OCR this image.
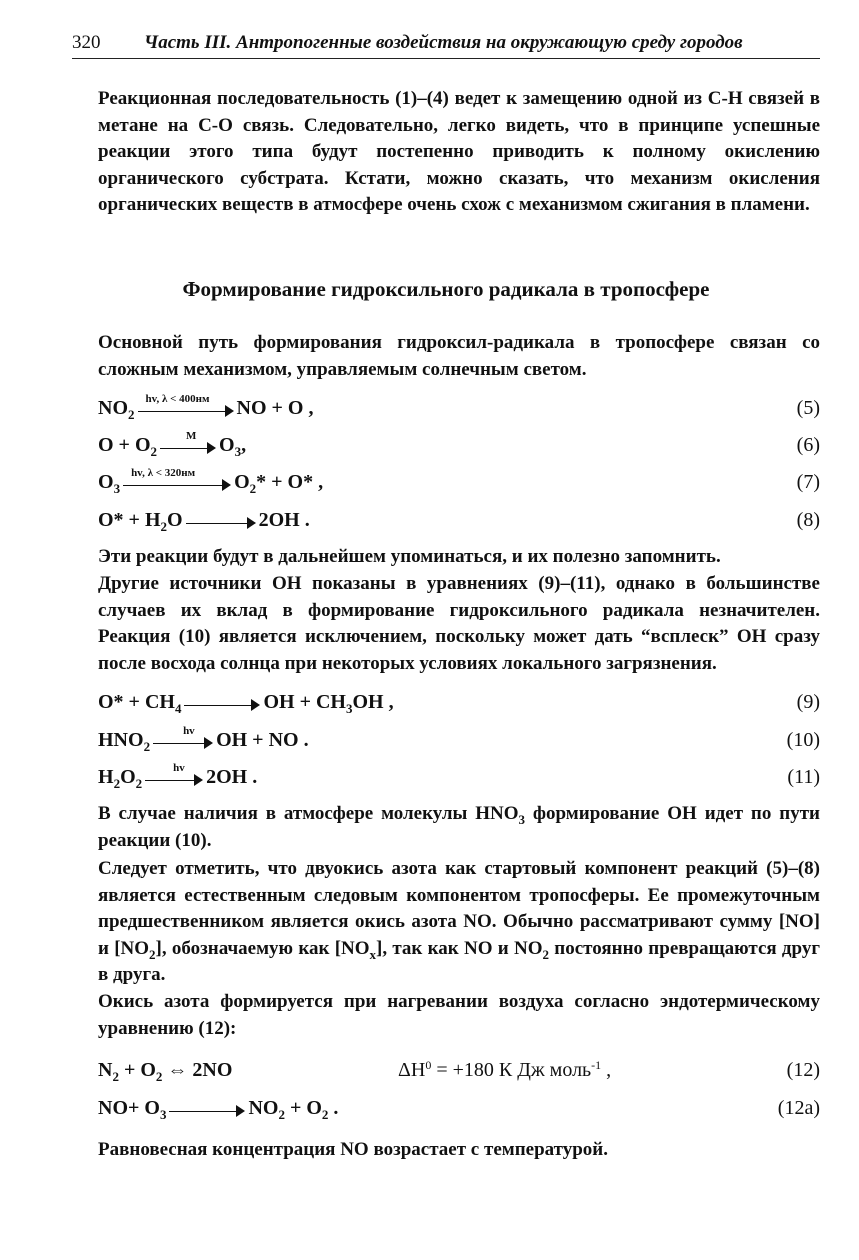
320 Часть III. Антропогенные воздействия на окружающую среду городов

Реакционная последовательность (1)–(4) ведет к замещению одной из C-H связей в метане на C-O связь. Следовательно, легко видеть, что в принципе успешные реакции этого типа будут постепенно приводить к полному окислению органического субстрата. Кстати, можно сказать, что механизм окисления органических веществ в атмосфере очень схож с механизмом сжигания в пламени.

Формирование гидроксильного радикала в тропосфере

Основной путь формирования гидроксил-радикала в тропосфере связан со сложным механизмом, управляемым солнечным светом.

$NO_2$
hv, λ < 400нм NO + O ,	(5)
$O + O_2$
M $O_3$,	(6)
$O_3$
hv, λ < 320нм $O_2* + O*$ ,	(7)
$O* + H_2O$	2OH .	(8)

Эти реакции будут в дальнейшем упоминаться, и их полезно запомнить.

Другие источники OH показаны в уравнениях (9)–(11), однако в большинстве случаев их вклад в формирование гидроксильного радикала незначителен. Реакция (10) является исключением, поскольку может дать “всплеск” OH сразу после восхода солнца при некоторых условиях локального загрязнения.

$O* + CH_4$	OH + $CH_3OH$ ,	(9)
$HNO_2$
hv OH + NO .	(10)
$H_2O_2$
hv 2OH .	(11)

В случае наличия в атмосфере молекулы $HNO_3$ формирование OH идет по пути реакции (10).

Следует отметить, что двуокись азота как стартовый компонент реакций (5)–(8) является естественным следовым компонентом тропосферы. Ее промежуточным предшественником является окись азота NO. Обычно рассматривают сумму [NO] и $[NO_2]$, обозначаемую как $[NO_x]$, так как NO и $NO_2$ постоянно превращаются друг в друга.

Окись азота формируется при нагревании воздуха согласно эндотермическому уравнению (12):

$N_2 + O_2$ ⇔ 2NO	$\Delta H^0 = +180$ К Дж моль$^{-1}$ ,	(12)
$NO+ O_3$	$NO_2 + O_2$ .	(12а)

Равновесная концентрация NO возрастает с температурой.
